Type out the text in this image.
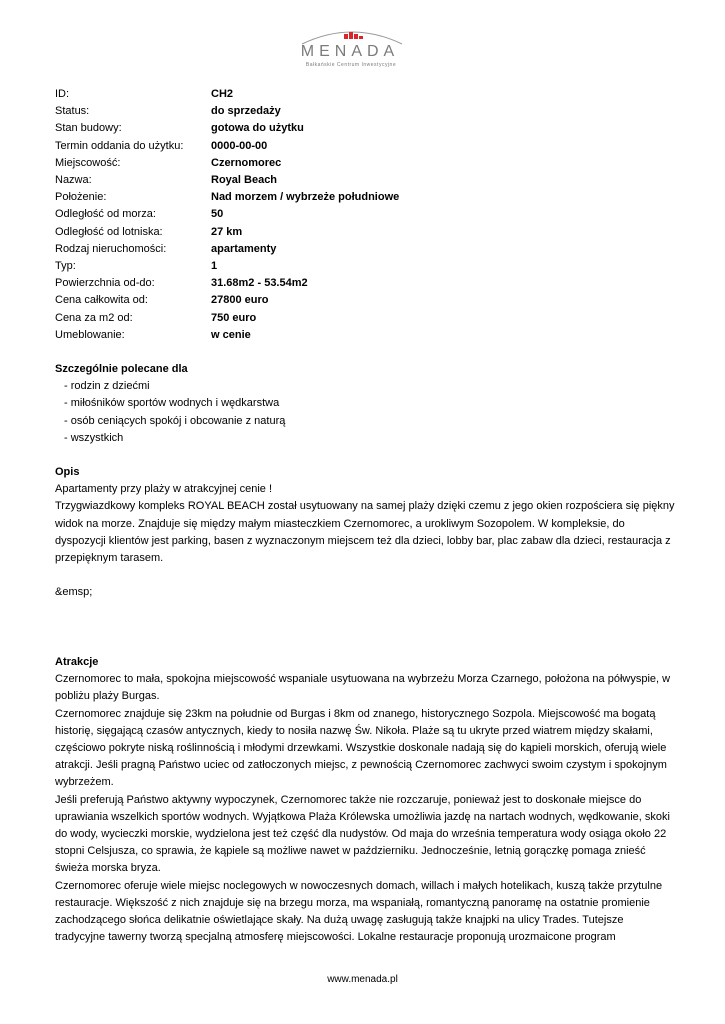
MENADA
Bałkańskie Centrum Inwestycyjne
ID:	CH2
Status:	do sprzedaży
Stan budowy:	gotowa do użytku
Termin oddania do użytku:	0000-00-00
Miejscowość:	Czernomorec
Nazwa:	Royal Beach
Położenie:	Nad morzem / wybrzeże południowe
Odległość od morza:	50
Odległość od lotniska:	27 km
Rodzaj nieruchomości:	apartamenty
Typ:	1
Powierzchnia od-do:	31.68m2 - 53.54m2
Cena całkowita od:	27800 euro
Cena za m2 od:	750 euro
Umeblowanie:	w cenie
Szczególnie polecane dla
- rodzin z dziećmi
- miłośników sportów wodnych i wędkarstwa
- osób ceniących spokój i obcowanie z naturą
- wszystkich
Opis

Apartamenty przy plaży w atrakcyjnej cenie !

Trzygwiazdkowy kompleks ROYAL BEACH został usytuowany na samej plaży dzięki czemu z jego okien rozpościera się piękny widok na morze. Znajduje się między małym miasteczkiem Czernomorec, a urokliwym Sozopolem. W kompleksie, do dyspozycji klientów jest parking, basen z wyznaczonym miejscem też dla dzieci, lobby bar, plac zabaw dla dzieci, restauracja z przepięknym tarasem.

&emsp;

Atrakcje

Czernomorec to mała, spokojna miejscowość wspaniale usytuowana na wybrzeżu Morza Czarnego, położona na półwyspie, w pobliżu plaży Burgas.

Czernomorec znajduje się 23km na południe od Burgas i 8km od znanego, historycznego Sozpola. Miejscowość ma bogatą historię, sięgającą czasów antycznych, kiedy to nosiła nazwę Św. Nikoła. Plaże są tu ukryte przed wiatrem między skałami, częściowo pokryte niską roślinnością i młodymi drzewkami. Wszystkie doskonale nadają się do kąpieli morskich, oferują wiele atrakcji. Jeśli pragną Państwo uciec od zatłoczonych miejsc, z pewnością Czernomorec zachwyci swoim czystym i spokojnym wybrzeżem.

Jeśli preferują Państwo aktywny wypoczynek, Czernomorec także nie rozczaruje, ponieważ jest to doskonałe miejsce do uprawiania wszelkich sportów wodnych. Wyjątkowa Plaża Królewska umożliwia jazdę na nartach wodnych, wędkowanie, skoki do wody, wycieczki morskie, wydzielona jest też część dla nudystów. Od maja do września temperatura wody osiąga około 22 stopni Celsjusza, co sprawia, że kąpiele są możliwe nawet w październiku. Jednocześnie, letnią gorączkę pomaga znieść świeża morska bryza.

Czernomorec oferuje wiele miejsc noclegowych w nowoczesnych domach, willach i małych hotelikach, kuszą także przytulne restauracje. Większość z nich znajduje się na brzegu morza, ma wspaniałą, romantyczną panoramę na ostatnie promienie zachodzącego słońca delikatnie oświetlające skały. Na dużą uwagę zasługują także knajpki na ulicy Trades. Tutejsze tradycyjne tawerny tworzą specjalną atmosferę miejscowości. Lokalne restauracje proponują urozmaicone program

www.menada.pl
